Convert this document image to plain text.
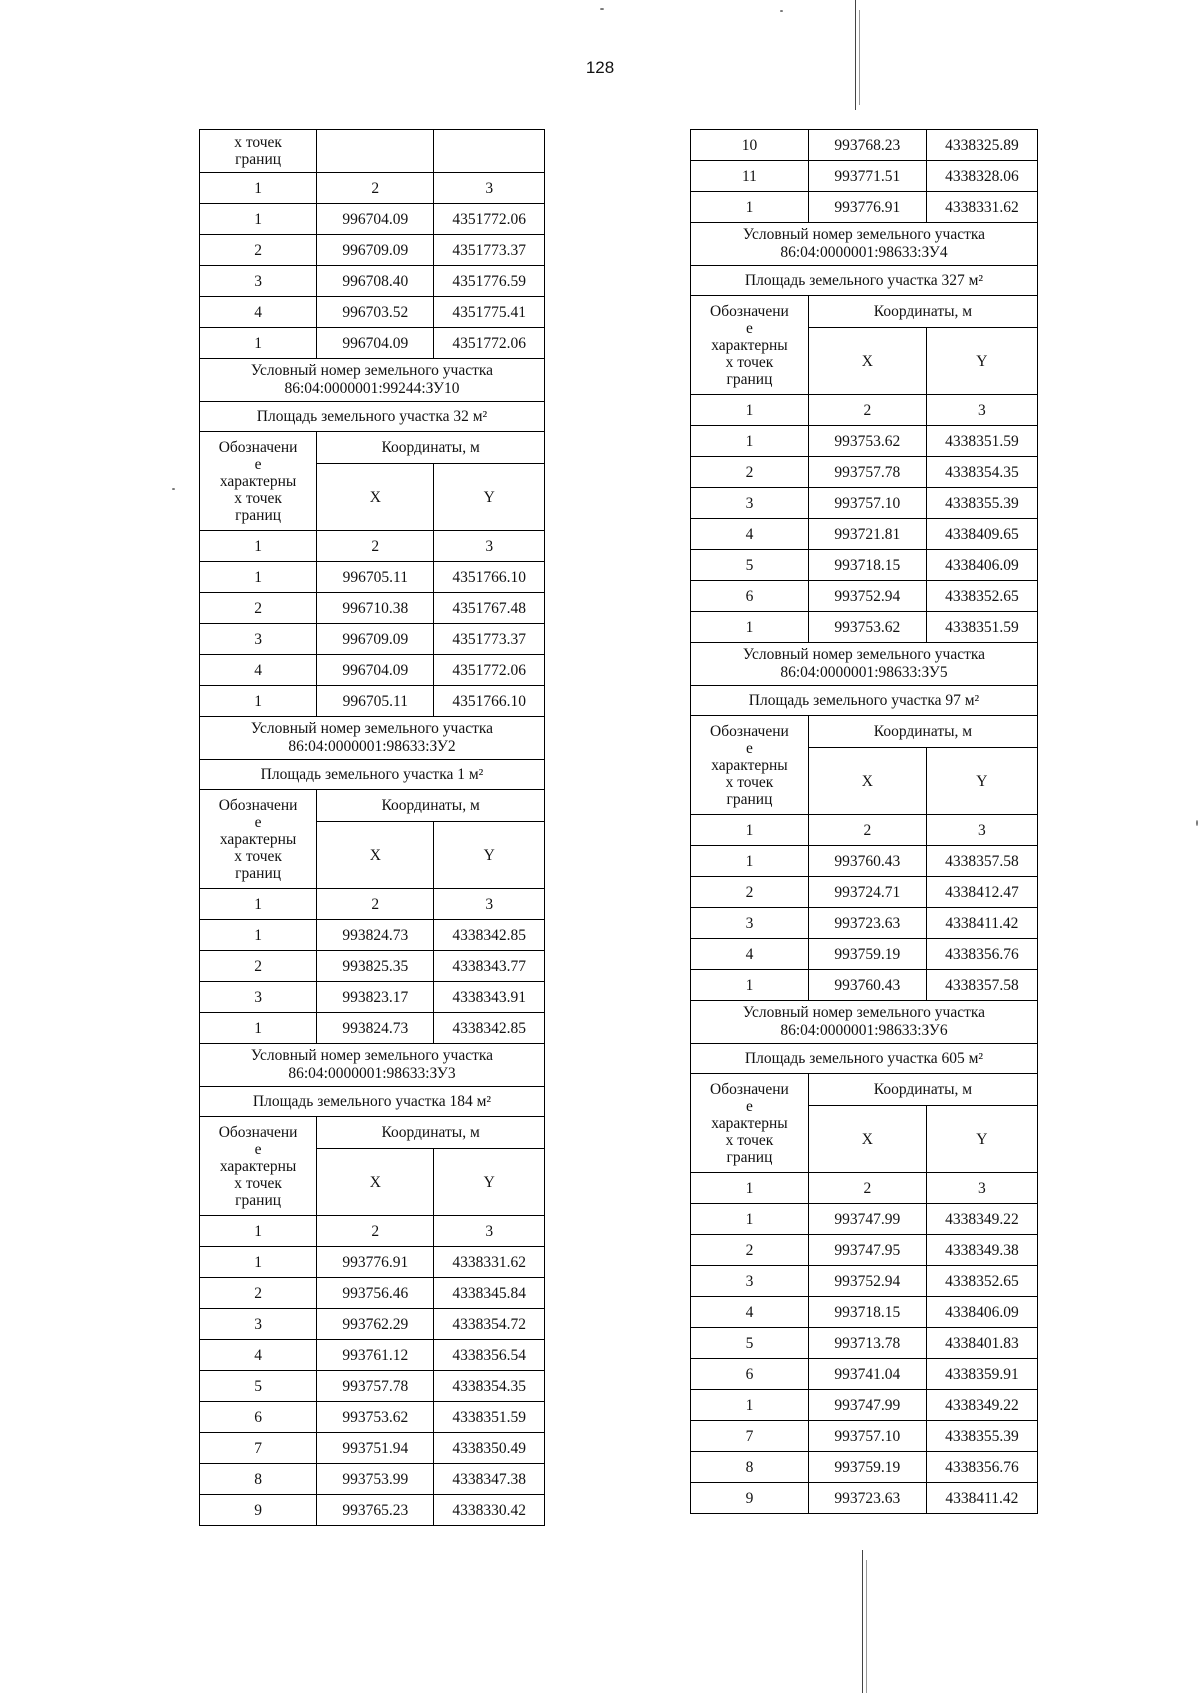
128
х точек
границ		
1	2	3
1	996704.09	4351772.06
2	996709.09	4351773.37
3	996708.40	4351776.59
4	996703.52	4351775.41
1	996704.09	4351772.06
Условный номер земельного участка
86:04:0000001:99244:ЗУ10		
Площадь земельного участка 32 м²		
Обозначени
е
характерны
х точек
границ	Координаты, м	
	X	Y
1	2	3
1	996705.11	4351766.10
2	996710.38	4351767.48
3	996709.09	4351773.37
4	996704.09	4351772.06
1	996705.11	4351766.10
Условный номер земельного участка
86:04:0000001:98633:ЗУ2		
Площадь земельного участка 1 м²		
Обозначени
е
характерны
х точек
границ	Координаты, м	
	X	Y
1	2	3
1	993824.73	4338342.85
2	993825.35	4338343.77
3	993823.17	4338343.91
1	993824.73	4338342.85
Условный номер земельного участка
86:04:0000001:98633:ЗУ3		
Площадь земельного участка 184 м²		
Обозначени
е
характерны
х точек
границ	Координаты, м	
	X	Y
1	2	3
1	993776.91	4338331.62
2	993756.46	4338345.84
3	993762.29	4338354.72
4	993761.12	4338356.54
5	993757.78	4338354.35
6	993753.62	4338351.59
7	993751.94	4338350.49
8	993753.99	4338347.38
9	993765.23	4338330.42
10	993768.23	4338325.89
11	993771.51	4338328.06
1	993776.91	4338331.62
Условный номер земельного участка
86:04:0000001:98633:ЗУ4		
Площадь земельного участка 327 м²		
Обозначени
е
характерны
х точек
границ	Координаты, м	
	X	Y
1	2	3
1	993753.62	4338351.59
2	993757.78	4338354.35
3	993757.10	4338355.39
4	993721.81	4338409.65
5	993718.15	4338406.09
6	993752.94	4338352.65
1	993753.62	4338351.59
Условный номер земельного участка
86:04:0000001:98633:ЗУ5		
Площадь земельного участка 97 м²		
Обозначени
е
характерны
х точек
границ	Координаты, м	
	X	Y
1	2	3
1	993760.43	4338357.58
2	993724.71	4338412.47
3	993723.63	4338411.42
4	993759.19	4338356.76
1	993760.43	4338357.58
Условный номер земельного участка
86:04:0000001:98633:ЗУ6		
Площадь земельного участка 605 м²		
Обозначени
е
характерны
х точек
границ	Координаты, м	
	X	Y
1	2	3
1	993747.99	4338349.22
2	993747.95	4338349.38
3	993752.94	4338352.65
4	993718.15	4338406.09
5	993713.78	4338401.83
6	993741.04	4338359.91
1	993747.99	4338349.22
7	993757.10	4338355.39
8	993759.19	4338356.76
9	993723.63	4338411.42
